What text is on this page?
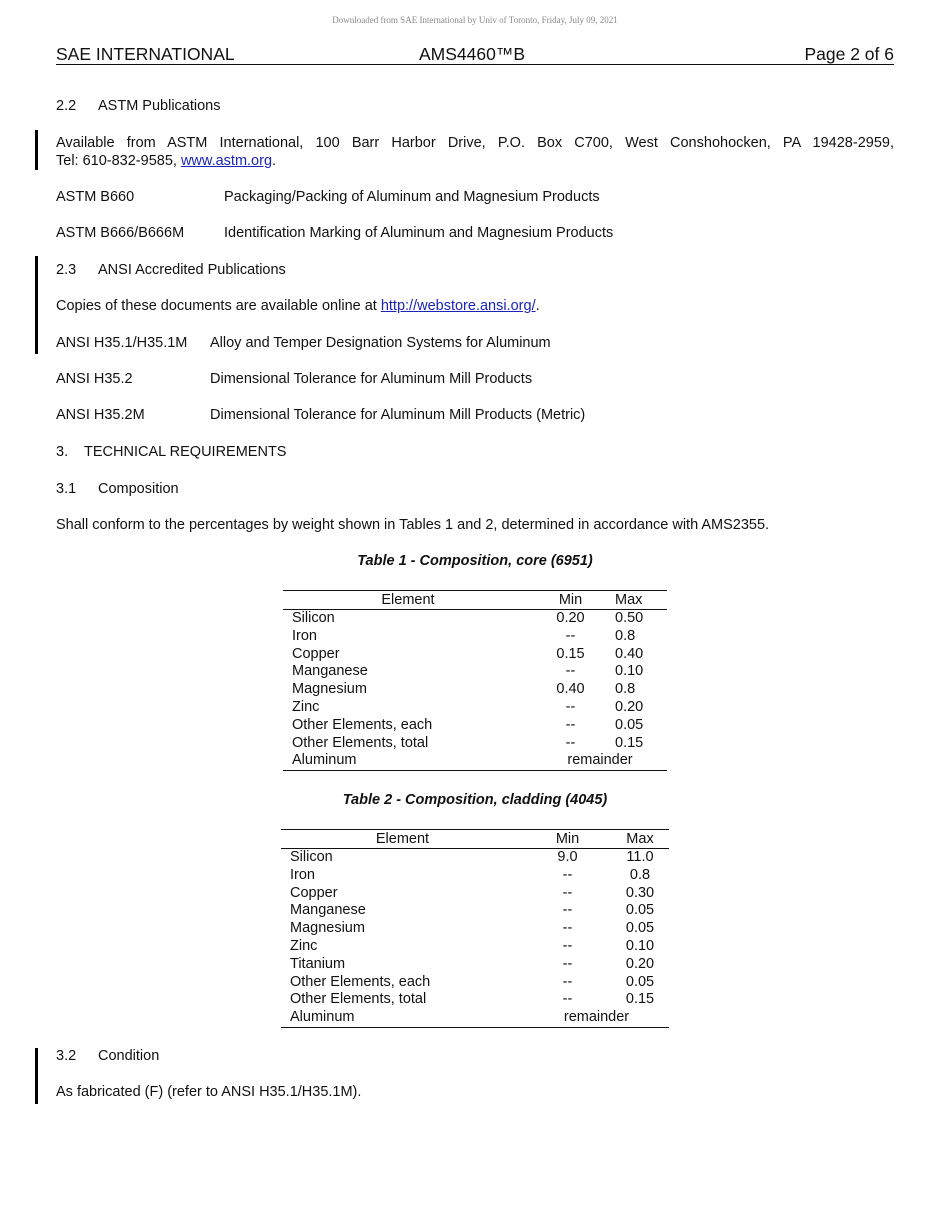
Downloaded from SAE International by Univ of Toronto, Friday, July 09, 2021
SAE INTERNATIONAL	AMS4460™B	Page 2 of 6
2.2 ASTM Publications
Available from ASTM International, 100 Barr Harbor Drive, P.O. Box C700, West Conshohocken, PA 19428-2959,
Tel: 610-832-9585, www.astm.org.
ASTM B660	Packaging/Packing of Aluminum and Magnesium Products
ASTM B666/B666M	Identification Marking of Aluminum and Magnesium Products
2.3 ANSI Accredited Publications
Copies of these documents are available online at http://webstore.ansi.org/.
ANSI H35.1/H35.1M Alloy and Temper Designation Systems for Aluminum
ANSI H35.2	Dimensional Tolerance for Aluminum Mill Products
ANSI H35.2M	Dimensional Tolerance for Aluminum Mill Products (Metric)
3. TECHNICAL REQUIREMENTS
3.1 Composition
Shall conform to the percentages by weight shown in Tables 1 and 2, determined in accordance with AMS2355.
Table 1 - Composition, core (6951)
Element	Min	Max
Silicon	0.20	0.50
Iron	--	0.8
Copper	0.15	0.40
Manganese	--	0.10
Magnesium	0.40	0.8
Zinc	--	0.20
Other Elements, each	--	0.05
Other Elements, total	--	0.15
Aluminum	remainder	
Table 2 - Composition, cladding (4045)
Element	Min	Max
Silicon	9.0	11.0
Iron	--	0.8
Copper	--	0.30
Manganese	--	0.05
Magnesium	--	0.05
Zinc	--	0.10
Titanium	--	0.20
Other Elements, each	--	0.05
Other Elements, total	--	0.15
Aluminum	remainder	
3.2 Condition
As fabricated (F) (refer to ANSI H35.1/H35.1M).
